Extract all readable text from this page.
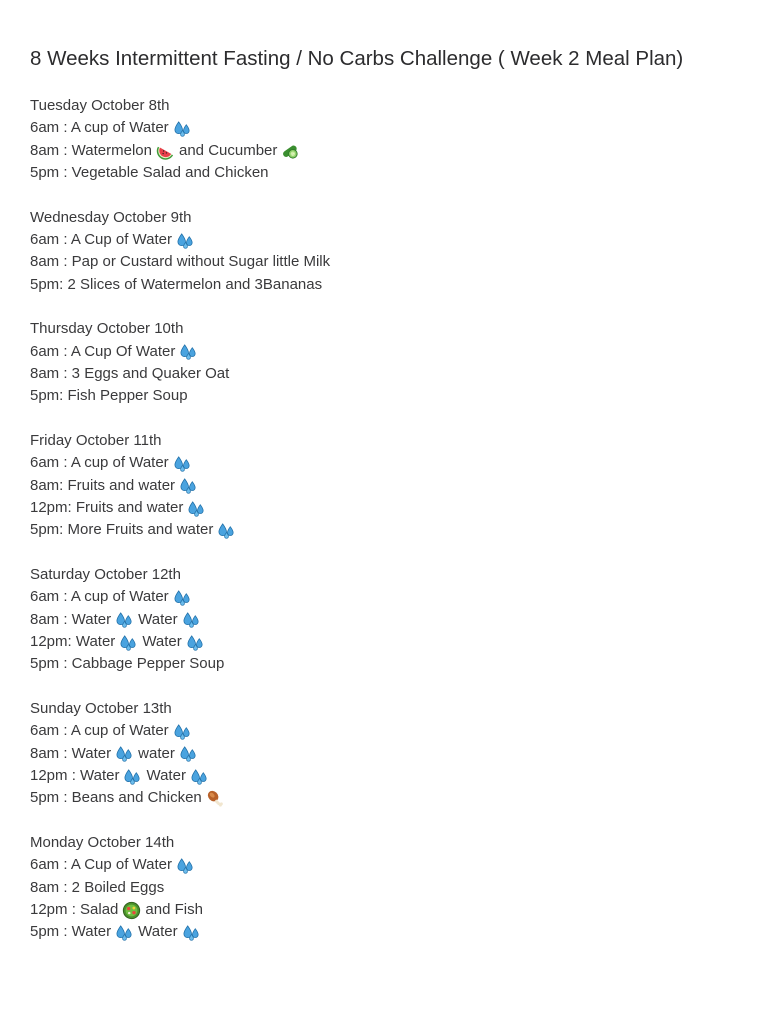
8 Weeks Intermittent Fasting / No Carbs Challenge ( Week 2 Meal Plan)
Tuesday October 8th
6am : A cup of Water
8am : Watermelon and Cucumber
5pm : Vegetable Salad and Chicken
Wednesday October 9th
6am : A Cup of Water
8am : Pap or Custard without Sugar little Milk
5pm: 2 Slices of Watermelon and 3Bananas
Thursday October 10th
6am : A Cup Of Water
8am : 3 Eggs and Quaker Oat
5pm: Fish Pepper Soup
Friday October 11th
6am : A cup of Water
8am: Fruits and water
12pm: Fruits and water
5pm: More Fruits and water
Saturday October 12th
6am : A cup of Water
8am : Water Water
12pm: Water Water
5pm : Cabbage Pepper Soup
Sunday October 13th
6am : A cup of Water
8am : Water water
12pm : Water Water
5pm : Beans and Chicken
Monday October 14th
6am : A Cup of Water
8am : 2 Boiled Eggs
12pm : Salad and Fish
5pm : Water Water
